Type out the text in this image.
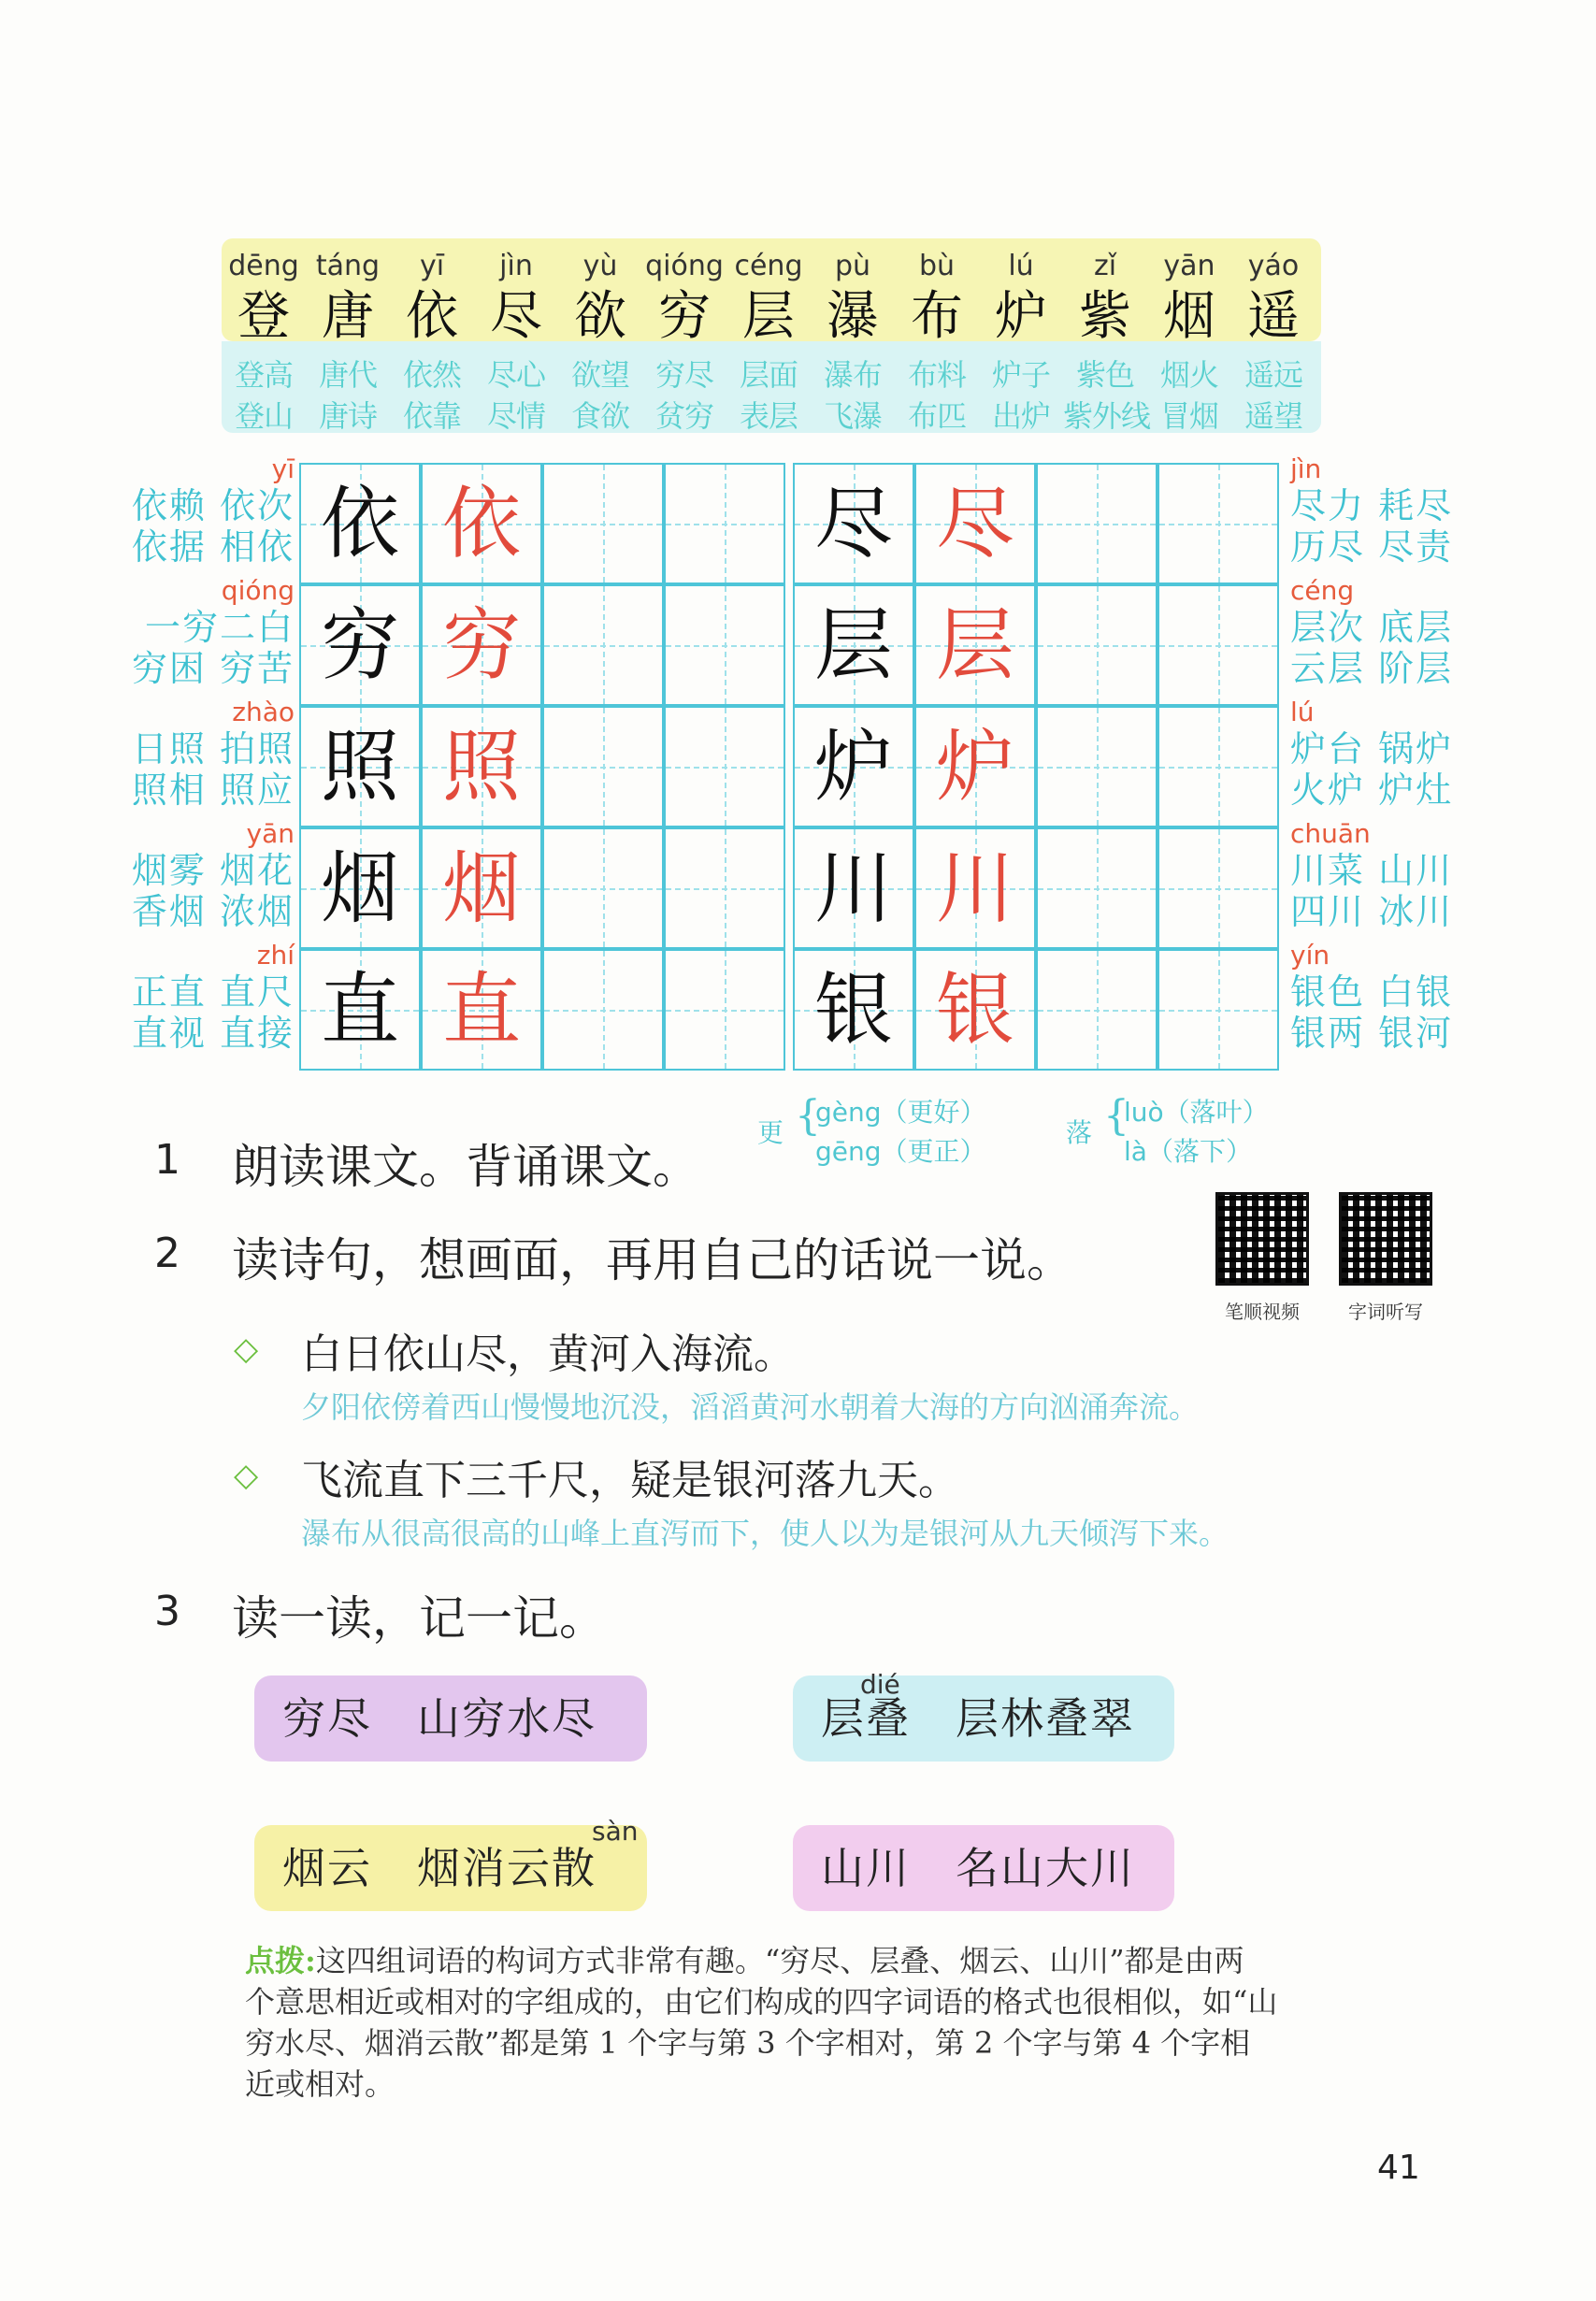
dēng
登
登高
登山
táng
唐
唐代
唐诗
yī
依
依然
依靠
jìn
尽
尽心
尽情
yù
欲
欲望
食欲
qióng
穷
穷尽
贫穷
céng
层
层面
表层
pù
瀑
瀑布
飞瀑
bù
布
布料
布匹
lú
炉
炉子
出炉
zǐ
紫
紫色
紫外线
yān
烟
烟火
冒烟
yáo
遥
遥远
遥望
依 依
穷 穷
照 照
烟 烟
直 直
尽 尽
层 层
炉 炉
川 川
银 银
yī
依赖 依次
依据 相依
qióng
一穷二白
穷困 穷苦
zhào
日照 拍照
照相 照应
yān
烟雾 烟花
香烟 浓烟
zhí
正直 直尺
直视 直接
jìn
尽力 耗尽
历尽 尽责
céng
层次 底层
云层 阶层
lú
炉台 锅炉
火炉 炉灶
chuān
川菜 山川
四川 冰川
yín
银色 白银
银两 银河
更 {
gèng（更好）
gēng（更正）
落 {
luò（落叶）
là（落下）
1 朗读课文。背诵课文。
2 读诗句，想画面，再用自己的话说一说。
笔顺视频	字词听写
◇ 白日依山尽，黄河入海流。
夕阳依傍着西山慢慢地沉没，滔滔黄河水朝着大海的方向汹涌奔流。
◇ 飞流直下三千尺，疑是银河落九天。
瀑布从很高很高的山峰上直泻而下，使人以为是银河从九天倾泻下来。
3 读一读，记一记。
穷尽　山穷水尽	层叠　层林叠翠
dié
烟云　烟消云散
sàn
山川　名山大川
点拨:这四组词语的构词方式非常有趣。“穷尽、层叠、烟云、山川”都是由两
个意思相近或相对的字组成的，由它们构成的四字词语的格式也很相似，如“山
穷水尽、烟消云散”都是第 1 个字与第 3 个字相对，第 2 个字与第 4 个字相
近或相对。
41
